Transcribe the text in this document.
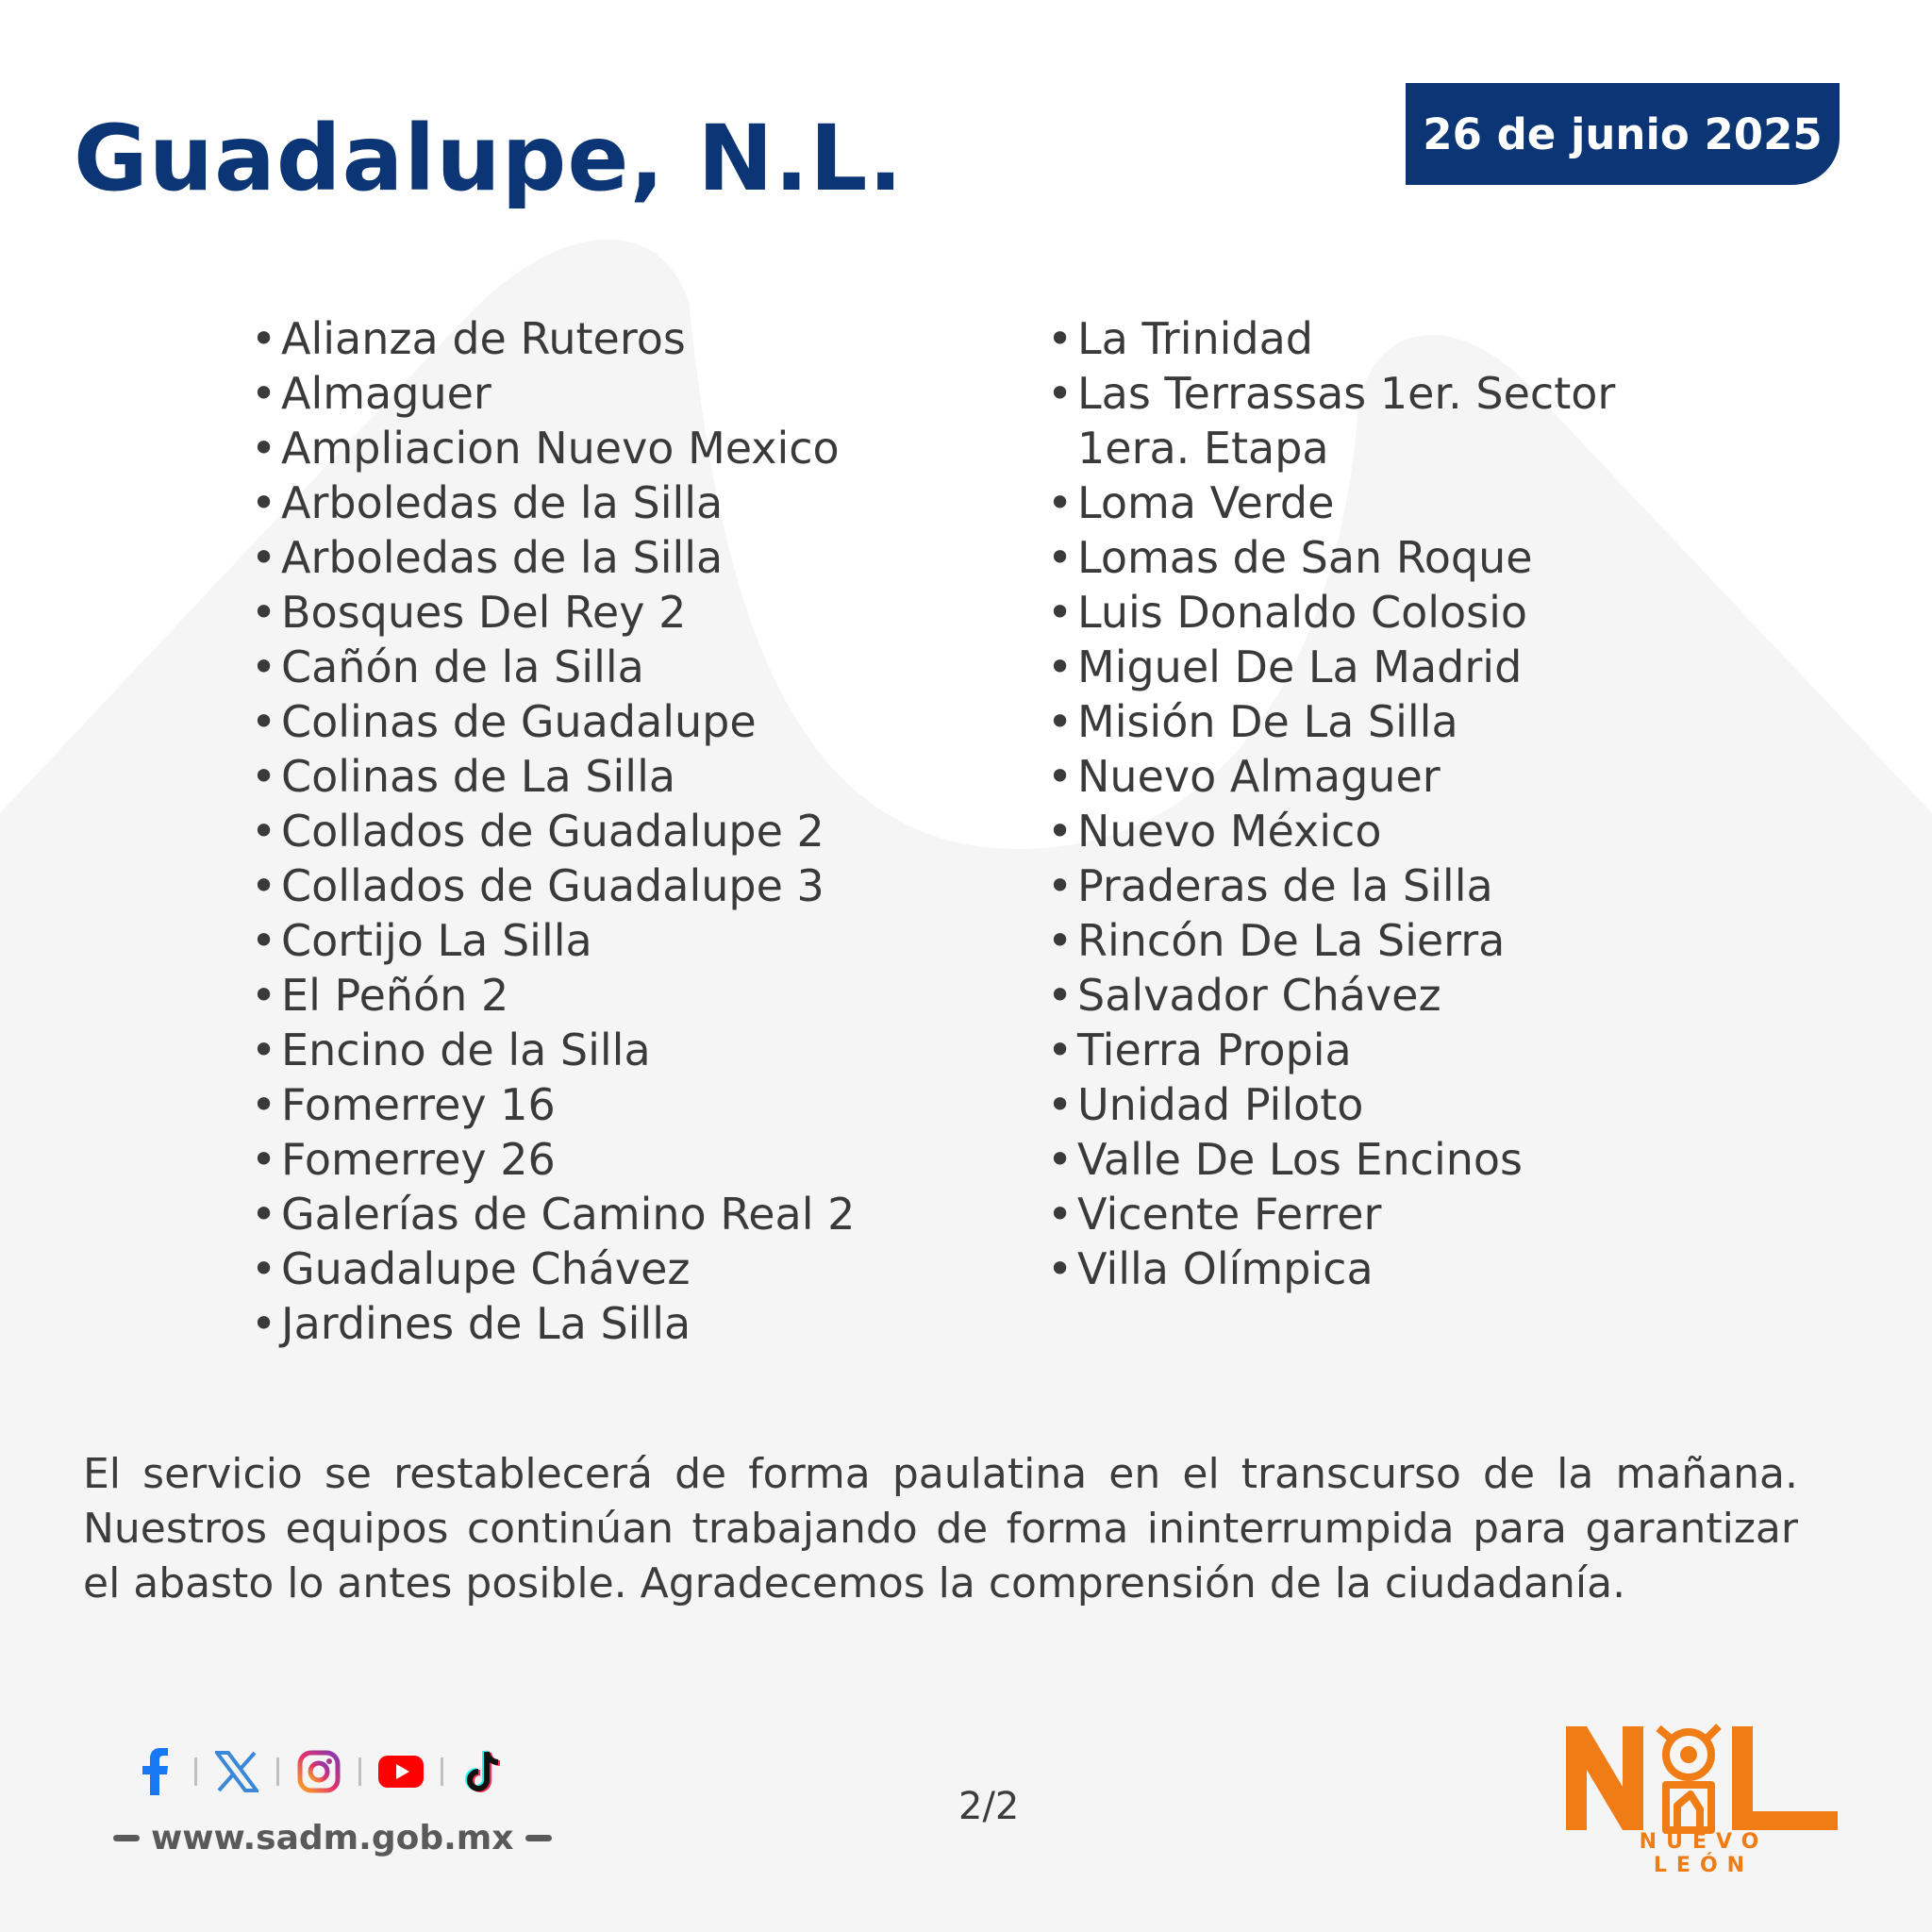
Guadalupe, N.L.	26 de junio 2025
• Alianza de Ruteros
• Almaguer
• Ampliacion Nuevo Mexico
• Arboledas de la Silla
• Arboledas de la Silla
• Bosques Del Rey 2
• Cañón de la Silla
• Colinas de Guadalupe
• Colinas de La Silla
• Collados de Guadalupe 2
• Collados de Guadalupe 3
• Cortijo La Silla
• El Peñón 2
• Encino de la Silla
• Fomerrey 16
• Fomerrey 26
• Galerías de Camino Real 2
• Guadalupe Chávez
• Jardines de La Silla
• La Trinidad
• Las Terrassas 1er. Sector
1era. Etapa
• Loma Verde
• Lomas de San Roque
• Luis Donaldo Colosio
• Miguel De La Madrid
• Misión De La Silla
• Nuevo Almaguer
• Nuevo México
• Praderas de la Silla
• Rincón De La Sierra
• Salvador Chávez
• Tierra Propia
• Unidad Piloto
• Valle De Los Encinos
• Vicente Ferrer
• Villa Olímpica

El servicio se restablecerá de forma paulatina en el transcurso de la mañana. Nuestros equipos continúan trabajando de forma ininterrumpida para garantizar el abasto lo antes posible. Agradecemos la comprensión de la ciudadanía.

www.sadm.gob.mx
2/2
NUEVO LEÓN
